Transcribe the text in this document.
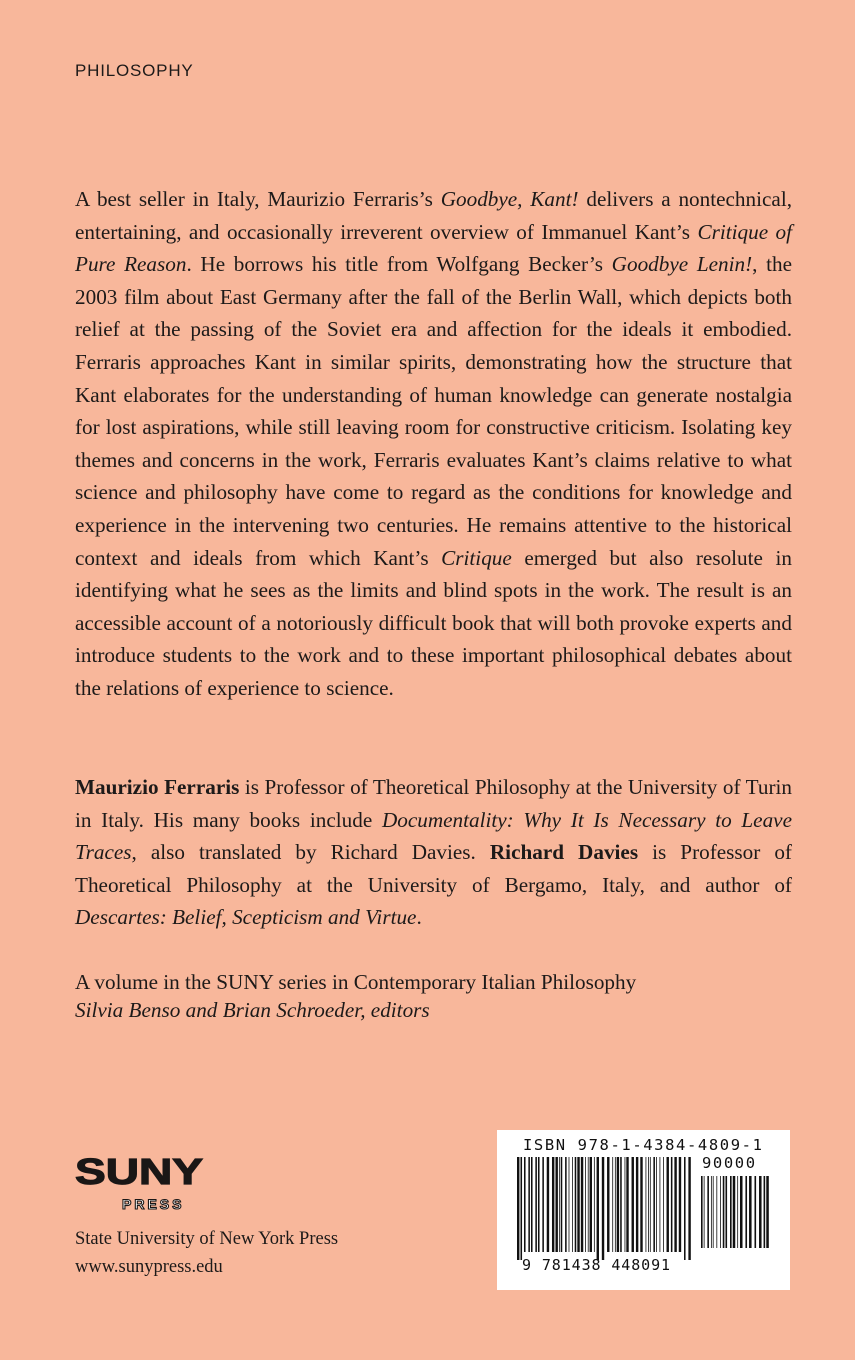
PHILOSOPHY

A best seller in Italy, Maurizio Ferraris’s Goodbye, Kant! delivers a nontechnical, entertaining, and occasionally irreverent overview of Immanuel Kant’s Critique of Pure Reason. He borrows his title from Wolfgang Becker’s Goodbye Lenin!, the 2003 film about East Germany after the fall of the Berlin Wall, which depicts both relief at the passing of the Soviet era and affection for the ideals it embodied. Ferraris approaches Kant in similar spirits, demonstrating how the structure that Kant elaborates for the understanding of human knowledge can generate nostalgia for lost aspirations, while still leaving room for constructive criticism. Isolating key themes and concerns in the work, Ferraris evaluates Kant’s claims relative to what science and philosophy have come to regard as the conditions for knowledge and experience in the intervening two centuries. He remains attentive to the historical context and ideals from which Kant’s Critique emerged but also resolute in identifying what he sees as the limits and blind spots in the work. The result is an accessible account of a notoriously difficult book that will both provoke experts and introduce students to the work and to these important philosophical debates about the relations of experience to science.

Maurizio Ferraris is Professor of Theoretical Philosophy at the University of Turin in Italy. His many books include Documentality: Why It Is Necessary to Leave Traces, also translated by Richard Davies. Richard Davies is Professor of Theoretical Philosophy at the University of Bergamo, Italy, and author of Descartes: Belief, Scepticism and Virtue.

A volume in the SUNY series in Contemporary Italian Philosophy
Silvia Benso and Brian Schroeder, editors
SUNY
PRESS
State University of New York Press
www.sunypress.edu
ISBN 978-1-4384-4809-1
90000
9 781438 448091
